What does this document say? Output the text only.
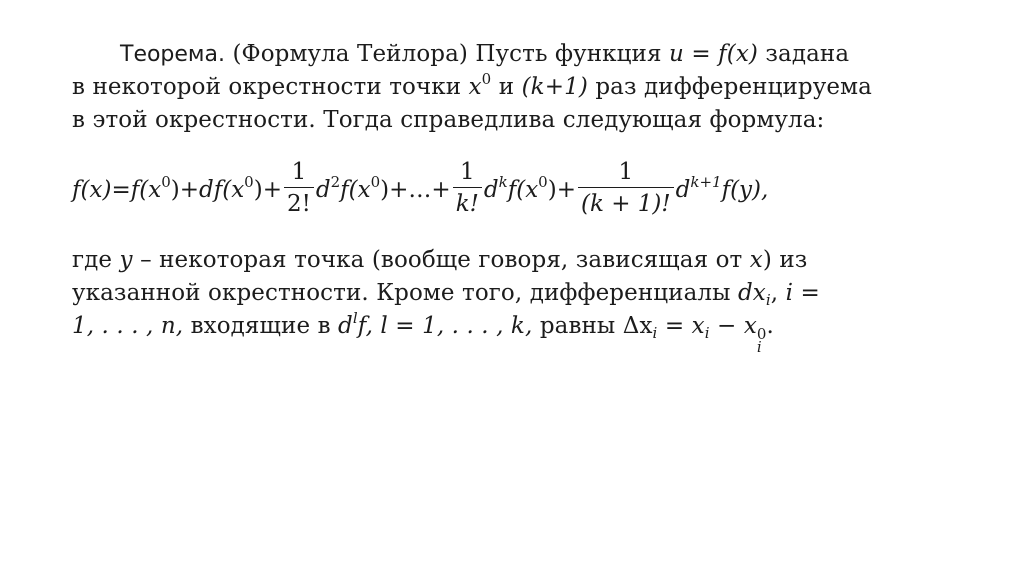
Теорема. (Формула Тейлора) Пусть функция u = f(x) задана
в некоторой окрестности точки $x^0$ и (k+1) раз дифференцируема
в этой окрестности. Тогда справедлива следующая формула:
$f(x) = f(x^0)+ df(x^0)+ \frac{1}{2!}$ $d^2f(x^0)+\dots+ \frac{1}{k!} d^kf(x^0)+ \frac{1}{(k + 1)!} d^{k+1}f(y)$,
где y – некоторая точка (вообще говоря, зависящая от x) из
указанной окрестности. Кроме того, дифференциалы $dx_i$, i =
1, . . . , n, входящие в $d^lf$, l = 1, . . . , k, равны $\Delta x_i = x_i - x$ 0
i
.
